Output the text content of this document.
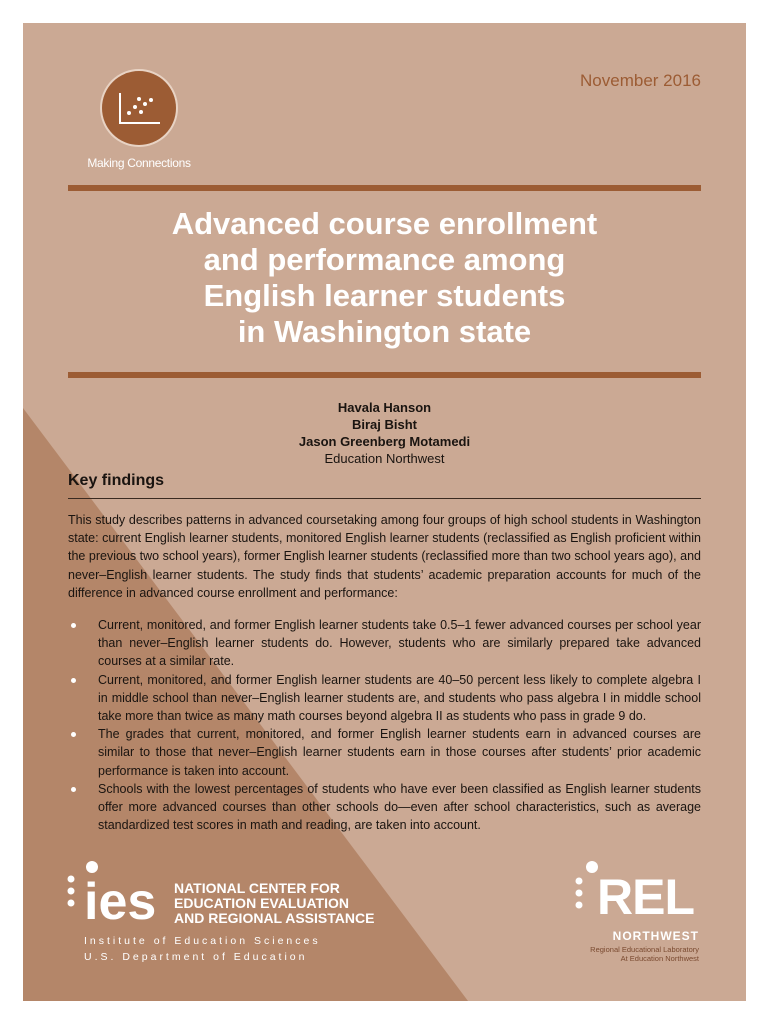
Making Connections
November 2016
Advanced course enrollment
and performance among
English learner students
in Washington state
Havala Hanson
Biraj Bisht
Jason Greenberg Motamedi
Education Northwest
Key findings

This study describes patterns in advanced coursetaking among four groups of high school students in Washington state: current English learner students, monitored English learner students (reclassified as English proficient within the previous two school years), former English learner students (reclassified more than two school years ago), and never–English learner students. The study finds that students’ academic preparation accounts for much of the difference in advanced course enrollment and performance:

Current, monitored, and former English learner students take 0.5–1 fewer advanced courses per school year than never–English learner students do. However, students who are similarly prepared take advanced courses at a similar rate.
Current, monitored, and former English learner students are 40–50 percent less likely to complete algebra I in middle school than never–English learner students are, and students who pass algebra I in middle school take more than twice as many math courses beyond algebra II as students who pass in grade 9 do.
The grades that current, monitored, and former English learner students earn in advanced courses are similar to those that never–English learner students earn in those courses after students’ prior academic performance is taken into account.
Schools with the lowest percentages of students who have ever been classified as English learner students offer more advanced courses than other schools do—even after school characteristics, such as average standardized test scores in math and reading, are taken into account.
ies NATIONAL CENTER FOR
EDUCATION EVALUATION
AND REGIONAL ASSISTANCE
Institute of Education Sciences
U.S. Department of Education
REL
NORTHWEST
Regional Educational Laboratory
At Education Northwest
